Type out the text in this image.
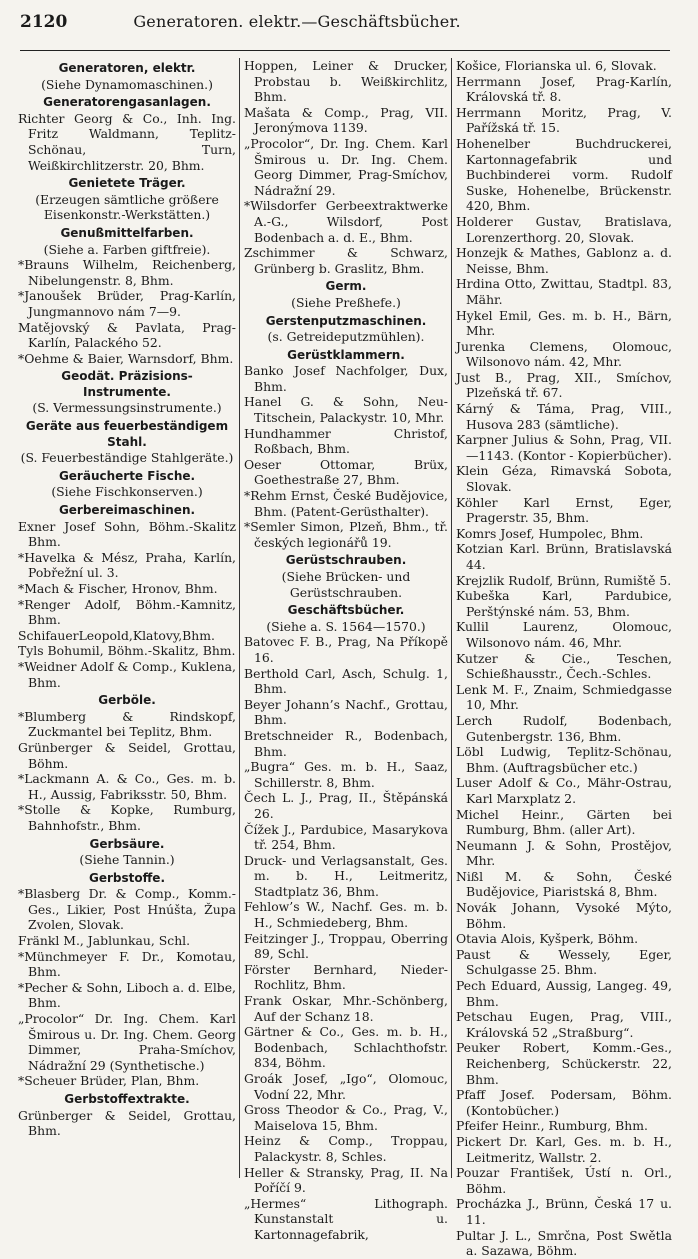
2120	Generatoren. elektr.—Geschäftsbücher.

Generatoren, elektr.

(Siehe Dynamomaschinen.)

Generatorengasanlagen.

Richter Georg & Co., Inh. Ing. Fritz Waldmann, Teplitz-Schönau, Turn, Weißkirchlitzerstr. 20, Bhm.

Genietete Träger.

(Erzeugen sämtliche größere Eisenkonstr.-Werkstätten.)

Genußmittelfarben.

(Siehe a. Farben giftfreie).

*Brauns Wilhelm, Reichenberg, Nibelungenstr. 8, Bhm.

*Janoušek Brüder, Prag-Karlín, Jungmannovo nám 7—9.

Matějovský & Pavlata, Prag-Karlín, Palackého 52.

*Oehme & Baier, Warnsdorf, Bhm.

Geodät. Präzisions-Instrumente.

(S. Vermessungsinstrumente.)

Geräte aus feuerbeständigem Stahl.

(S. Feuerbeständige Stahlgeräte.)

Geräucherte Fische.

(Siehe Fischkonserven.)

Gerbereimaschinen.

Exner Josef Sohn, Böhm.-Skalitz Bhm.

*Havelka & Mész, Praha, Karlín, Pobřežní ul. 3.

*Mach & Fischer, Hronov, Bhm.

*Renger Adolf, Böhm.-Kamnitz, Bhm.

SchifauerLeopold,Klatovy,Bhm.

Tyls Bohumil, Böhm.-Skalitz, Bhm.

*Weidner Adolf & Comp., Kuklena, Bhm.

Gerböle.

*Blumberg & Rindskopf, Zuckmantel bei Teplitz, Bhm.

Grünberger & Seidel, Grottau, Böhm.

*Lackmann A. & Co., Ges. m. b. H., Aussig, Fabriksstr. 50, Bhm.

*Stolle & Kopke, Rumburg, Bahnhofstr., Bhm.

Gerbsäure.

(Siehe Tannin.)

Gerbstoffe.

*Blasberg Dr. & Comp., Komm.-Ges., Likier, Post Hnúšta, Župa Zvolen, Slovak.

Fränkl M., Jablunkau, Schl.

*Münchmeyer F. Dr., Komotau, Bhm.

*Pecher & Sohn, Liboch a. d. Elbe, Bhm.

„Procolor“ Dr. Ing. Chem. Karl Šmirous u. Dr. Ing. Chem. Georg Dimmer, Praha-Smíchov, Nádražní 29 (Synthetische.)

*Scheuer Brüder, Plan, Bhm.

Gerbstoffextrakte.

Grünberger & Seidel, Grottau, Bhm.

Hoppen, Leiner & Drucker, Probstau b. Weißkirchlitz, Bhm.

Mašata & Comp., Prag, VII. Jeronýmova 1139.

„Procolor“, Dr. Ing. Chem. Karl Šmirous u. Dr. Ing. Chem. Georg Dimmer, Prag-Smíchov, Nádražní 29.

*Wilsdorfer Gerbeextraktwerke A.-G., Wilsdorf, Post Bodenbach a. d. E., Bhm.

Zschimmer & Schwarz, Grünberg b. Graslitz, Bhm.

Germ.

(Siehe Preßhefe.)

Gerstenputzmaschinen.

(s. Getreideputzmühlen).

Gerüstklammern.

Banko Josef Nachfolger, Dux, Bhm.

Hanel G. & Sohn, Neu-Titschein, Palackystr. 10, Mhr.

Hundhammer Christof, Roßbach, Bhm.

Oeser Ottomar, Brüx, Goethestraße 27, Bhm.

*Rehm Ernst, České Budějovice, Bhm. (Patent-Gerüsthalter).

*Semler Simon, Plzeň, Bhm., tř. českých legionářů 19.

Gerüstschrauben.

(Siehe Brücken- und Gerüstschrauben.

Geschäftsbücher.

(Siehe a. S. 1564—1570.)

Batovec F. B., Prag, Na Příkopě 16.

Berthold Carl, Asch, Schulg. 1, Bhm.

Beyer Johann’s Nachf., Grottau, Bhm.

Bretschneider R., Bodenbach, Bhm.

„Bugra“ Ges. m. b. H., Saaz, Schillerstr. 8, Bhm.

Čech L. J., Prag, II., Štěpánská 26.

Čížek J., Pardubice, Masarykova tř. 254, Bhm.

Druck- und Verlagsanstalt, Ges. m. b. H., Leitmeritz, Stadtplatz 36, Bhm.

Fehlow’s W., Nachf. Ges. m. b. H., Schmiedeberg, Bhm.

Feitzinger J., Troppau, Oberring 89, Schl.

Förster Bernhard, Nieder-Rochlitz, Bhm.

Frank Oskar, Mhr.-Schönberg, Auf der Schanz 18.

Gärtner & Co., Ges. m. b. H., Bodenbach, Schlachthofstr. 834, Böhm.

Groák Josef, „Igo“, Olomouc, Vodní 22, Mhr.

Gross Theodor & Co., Prag, V., Maiselova 15, Bhm.

Heinz & Comp., Troppau, Palackystr. 8, Schles.

Heller & Stransky, Prag, II. Na Poříčí 9.

„Hermes“ Lithograph. Kunstanstalt u. Kartonnagefabrik,

Košice, Florianska ul. 6, Slovak.

Herrmann Josef, Prag-Karlín, Královská tř. 8.

Herrmann Moritz, Prag, V. Pařížská tř. 15.

Hohenelber Buchdruckerei, Kartonnagefabrik und Buchbinderei vorm. Rudolf Suske, Hohenelbe, Brückenstr. 420, Bhm.

Holderer Gustav, Bratislava, Lorenzerthorg. 20, Slovak.

Honzejk & Mathes, Gablonz a. d. Neisse, Bhm.

Hrdina Otto, Zwittau, Stadtpl. 83, Mähr.

Hykel Emil, Ges. m. b. H., Bärn, Mhr.

Jurenka Clemens, Olomouc, Wilsonovo nám. 42, Mhr.

Just B., Prag, XII., Smíchov, Plzeňská tř. 67.

Kárný & Táma, Prag, VIII., Husova 283 (sämtliche).

Karpner Julius & Sohn, Prag, VII.—1143. (Kontor - Kopierbücher).

Klein Géza, Rimavská Sobota, Slovak.

Köhler Karl Ernst, Eger, Pragerstr. 35, Bhm.

Komrs Josef, Humpolec, Bhm.

Kotzian Karl. Brünn, Bratislavská 44.

Krejzlik Rudolf, Brünn, Rumiště 5.

Kubeška Karl, Pardubice, Perštýnské nám. 53, Bhm.

Kullil Laurenz, Olomouc, Wilsonovo nám. 46, Mhr.

Kutzer & Cie., Teschen, Schießhausstr., Čech.-Schles.

Lenk M. F., Znaim, Schmiedgasse 10, Mhr.

Lerch Rudolf, Bodenbach, Gutenbergstr. 136, Bhm.

Löbl Ludwig, Teplitz-Schönau, Bhm. (Auftragsbücher etc.)

Luser Adolf & Co., Mähr-Ostrau, Karl Marxplatz 2.

Michel Heinr., Gärten bei Rumburg, Bhm. (aller Art).

Neumann J. & Sohn, Prostějov, Mhr.

Nißl M. & Sohn, České Budějovice, Piaristská 8, Bhm.

Novák Johann, Vysoké Mýto, Böhm.

Otavia Alois, Kyšperk, Böhm.

Paust & Wessely, Eger, Schulgasse 25. Bhm.

Pech Eduard, Aussig, Langeg. 49, Bhm.

Petschau Eugen, Prag, VIII., Královská 52 „Straßburg“.

Peuker Robert, Komm.-Ges., Reichenberg, Schückerstr. 22, Bhm.

Pfaff Josef. Podersam, Böhm. (Kontobücher.)

Pfeifer Heinr., Rumburg, Bhm.

Pickert Dr. Karl, Ges. m. b. H., Leitmeritz, Wallstr. 2.

Pouzar František, Ústí n. Orl., Böhm.

Procházka J., Brünn, Česká 17 u. 11.

Pultar J. L., Smrčna, Post Swětla a. Sazawa, Böhm.
